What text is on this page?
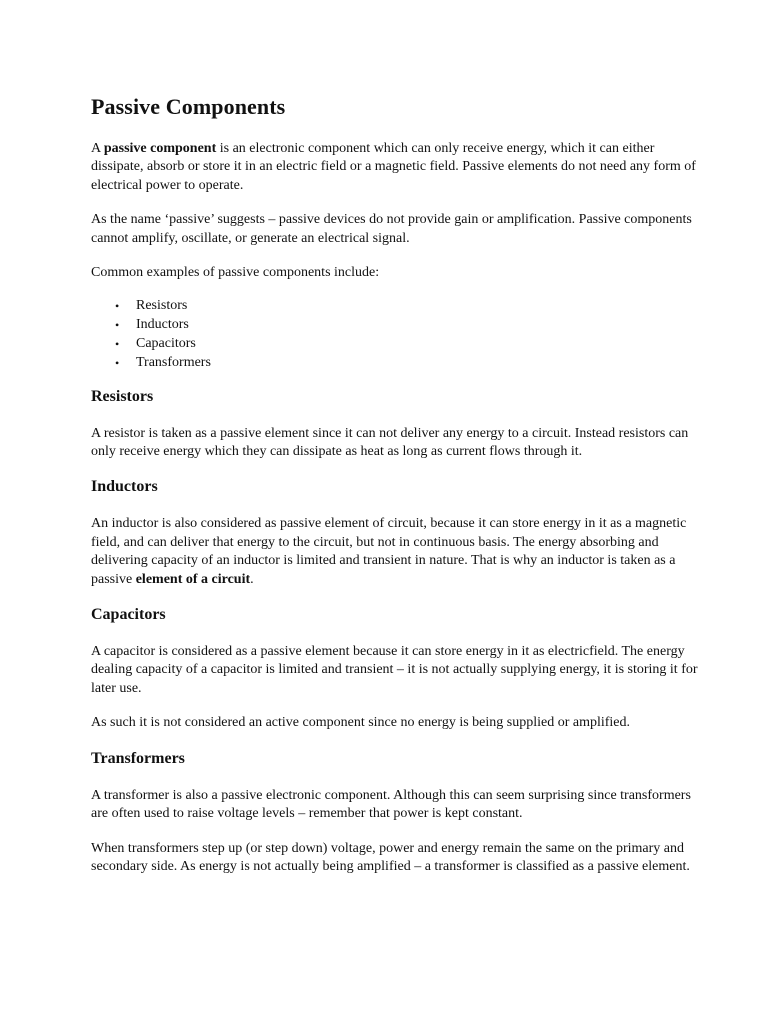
Passive Components

A passive component is an electronic component which can only receive energy, which it can either dissipate, absorb or store it in an electric field or a magnetic field. Passive elements do not need any form of electrical power to operate.

As the name ‘passive’ suggests – passive devices do not provide gain or amplification. Passive components cannot amplify, oscillate, or generate an electrical signal.

Common examples of passive components include:

• Resistors
• Inductors
• Capacitors
• Transformers
Resistors

A resistor is taken as a passive element since it can not deliver any energy to a circuit. Instead resistors can only receive energy which they can dissipate as heat as long as current flows through it.

Inductors

An inductor is also considered as passive element of circuit, because it can store energy in it as a magnetic field, and can deliver that energy to the circuit, but not in continuous basis. The energy absorbing and delivering capacity of an inductor is limited and transient in nature. That is why an inductor is taken as a passive element of a circuit.

Capacitors

A capacitor is considered as a passive element because it can store energy in it as electricfield. The energy dealing capacity of a capacitor is limited and transient – it is not actually supplying energy, it is storing it for later use.

As such it is not considered an active component since no energy is being supplied or amplified.

Transformers

A transformer is also a passive electronic component. Although this can seem surprising since transformers are often used to raise voltage levels – remember that power is kept constant.

When transformers step up (or step down) voltage, power and energy remain the same on the primary and secondary side. As energy is not actually being amplified – a transformer is classified as a passive element.
